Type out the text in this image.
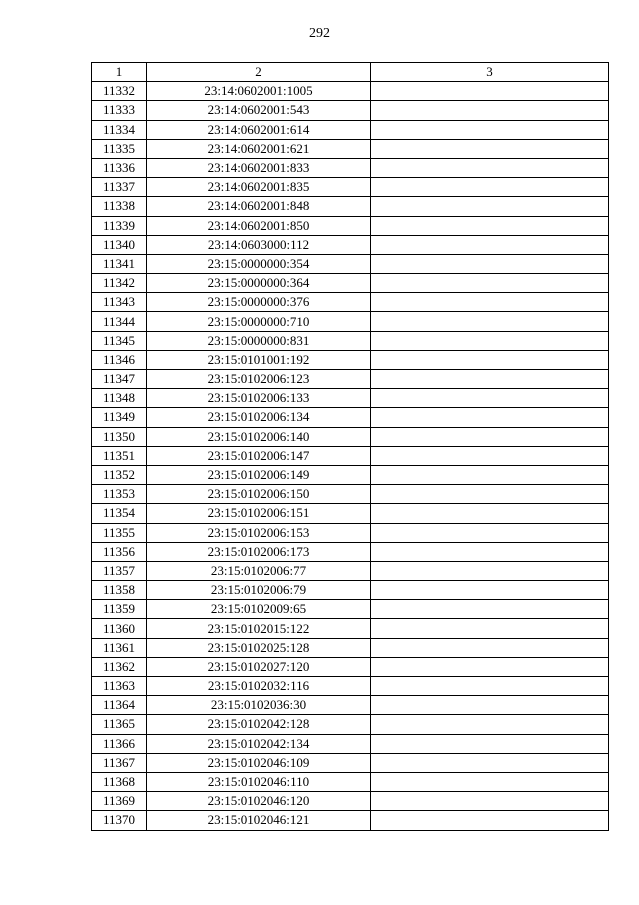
292
1	2	3
11332	23:14:0602001:1005	
11333	23:14:0602001:543	
11334	23:14:0602001:614	
11335	23:14:0602001:621	
11336	23:14:0602001:833	
11337	23:14:0602001:835	
11338	23:14:0602001:848	
11339	23:14:0602001:850	
11340	23:14:0603000:112	
11341	23:15:0000000:354	
11342	23:15:0000000:364	
11343	23:15:0000000:376	
11344	23:15:0000000:710	
11345	23:15:0000000:831	
11346	23:15:0101001:192	
11347	23:15:0102006:123	
11348	23:15:0102006:133	
11349	23:15:0102006:134	
11350	23:15:0102006:140	
11351	23:15:0102006:147	
11352	23:15:0102006:149	
11353	23:15:0102006:150	
11354	23:15:0102006:151	
11355	23:15:0102006:153	
11356	23:15:0102006:173	
11357	23:15:0102006:77	
11358	23:15:0102006:79	
11359	23:15:0102009:65	
11360	23:15:0102015:122	
11361	23:15:0102025:128	
11362	23:15:0102027:120	
11363	23:15:0102032:116	
11364	23:15:0102036:30	
11365	23:15:0102042:128	
11366	23:15:0102042:134	
11367	23:15:0102046:109	
11368	23:15:0102046:110	
11369	23:15:0102046:120	
11370	23:15:0102046:121	
